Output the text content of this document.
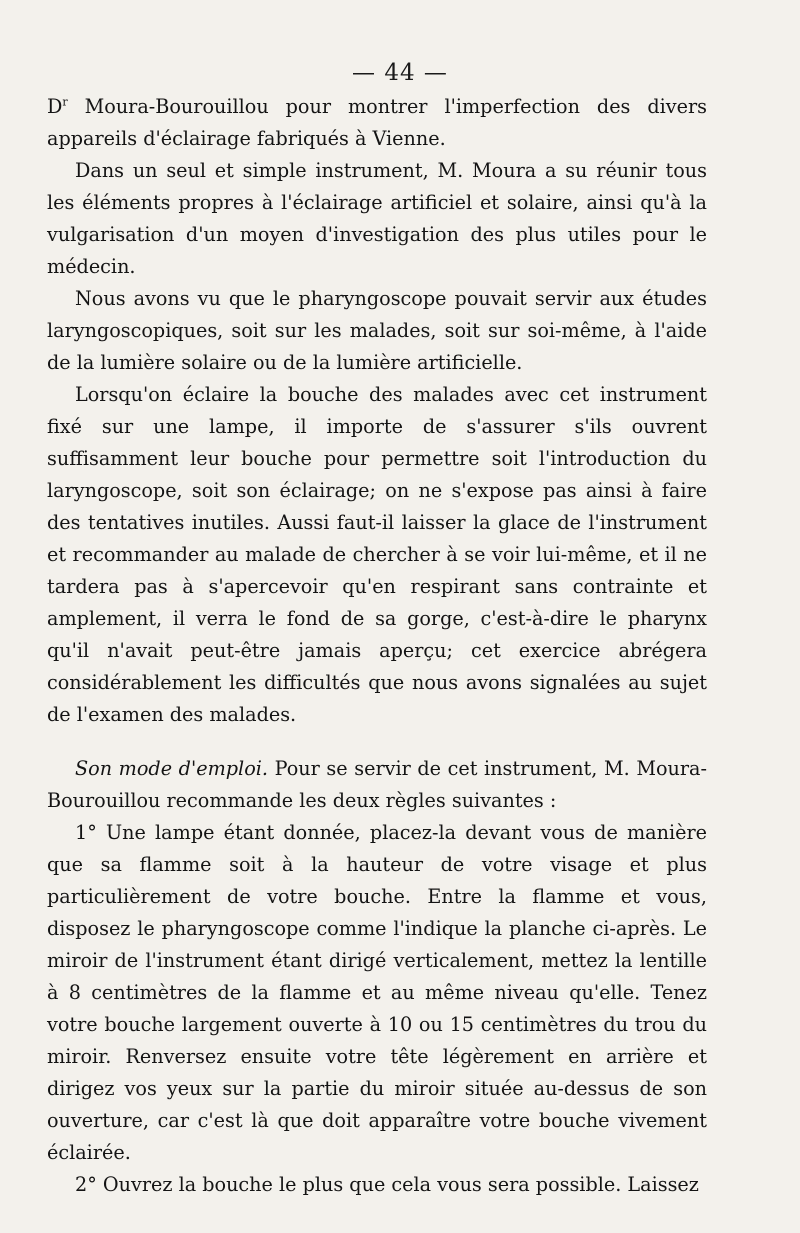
— 44 —

$D^r$ Moura-Bourouillou pour montrer l'imperfection des divers appareils d'éclairage fabriqués à Vienne.

Dans un seul et simple instrument, M. Moura a su réunir tous les éléments propres à l'éclairage artificiel et solaire, ainsi qu'à la vulgarisation d'un moyen d'investigation des plus utiles pour le médecin.

Nous avons vu que le pharyngoscope pouvait servir aux études laryngoscopiques, soit sur les malades, soit sur soi-même, à l'aide de la lumière solaire ou de la lumière artificielle.

Lorsqu'on éclaire la bouche des malades avec cet instrument fixé sur une lampe, il importe de s'assurer s'ils ouvrent suffisamment leur bouche pour permettre soit l'introduction du laryngoscope, soit son éclairage; on ne s'expose pas ainsi à faire des tentatives inutiles. Aussi faut-il laisser la glace de l'instrument et recommander au malade de chercher à se voir lui-même, et il ne tardera pas à s'apercevoir qu'en respirant sans contrainte et amplement, il verra le fond de sa gorge, c'est-à-dire le pharynx qu'il n'avait peut-être jamais aperçu; cet exercice abrégera considérablement les difficultés que nous avons signalées au sujet de l'examen des malades.

Son mode d'emploi. Pour se servir de cet instrument, M. Moura-Bourouillou recommande les deux règles suivantes :

1° Une lampe étant donnée, placez-la devant vous de manière que sa flamme soit à la hauteur de votre visage et plus particulièrement de votre bouche. Entre la flamme et vous, disposez le pharyngoscope comme l'indique la planche ci-après. Le miroir de l'instrument étant dirigé verticalement, mettez la lentille à 8 centimètres de la flamme et au même niveau qu'elle. Tenez votre bouche largement ouverte à 10 ou 15 centimètres du trou du miroir. Renversez ensuite votre tête légèrement en arrière et dirigez vos yeux sur la partie du miroir située au-dessus de son ouverture, car c'est là que doit apparaître votre bouche vivement éclairée.

2° Ouvrez la bouche le plus que cela vous sera possible. Laissez
